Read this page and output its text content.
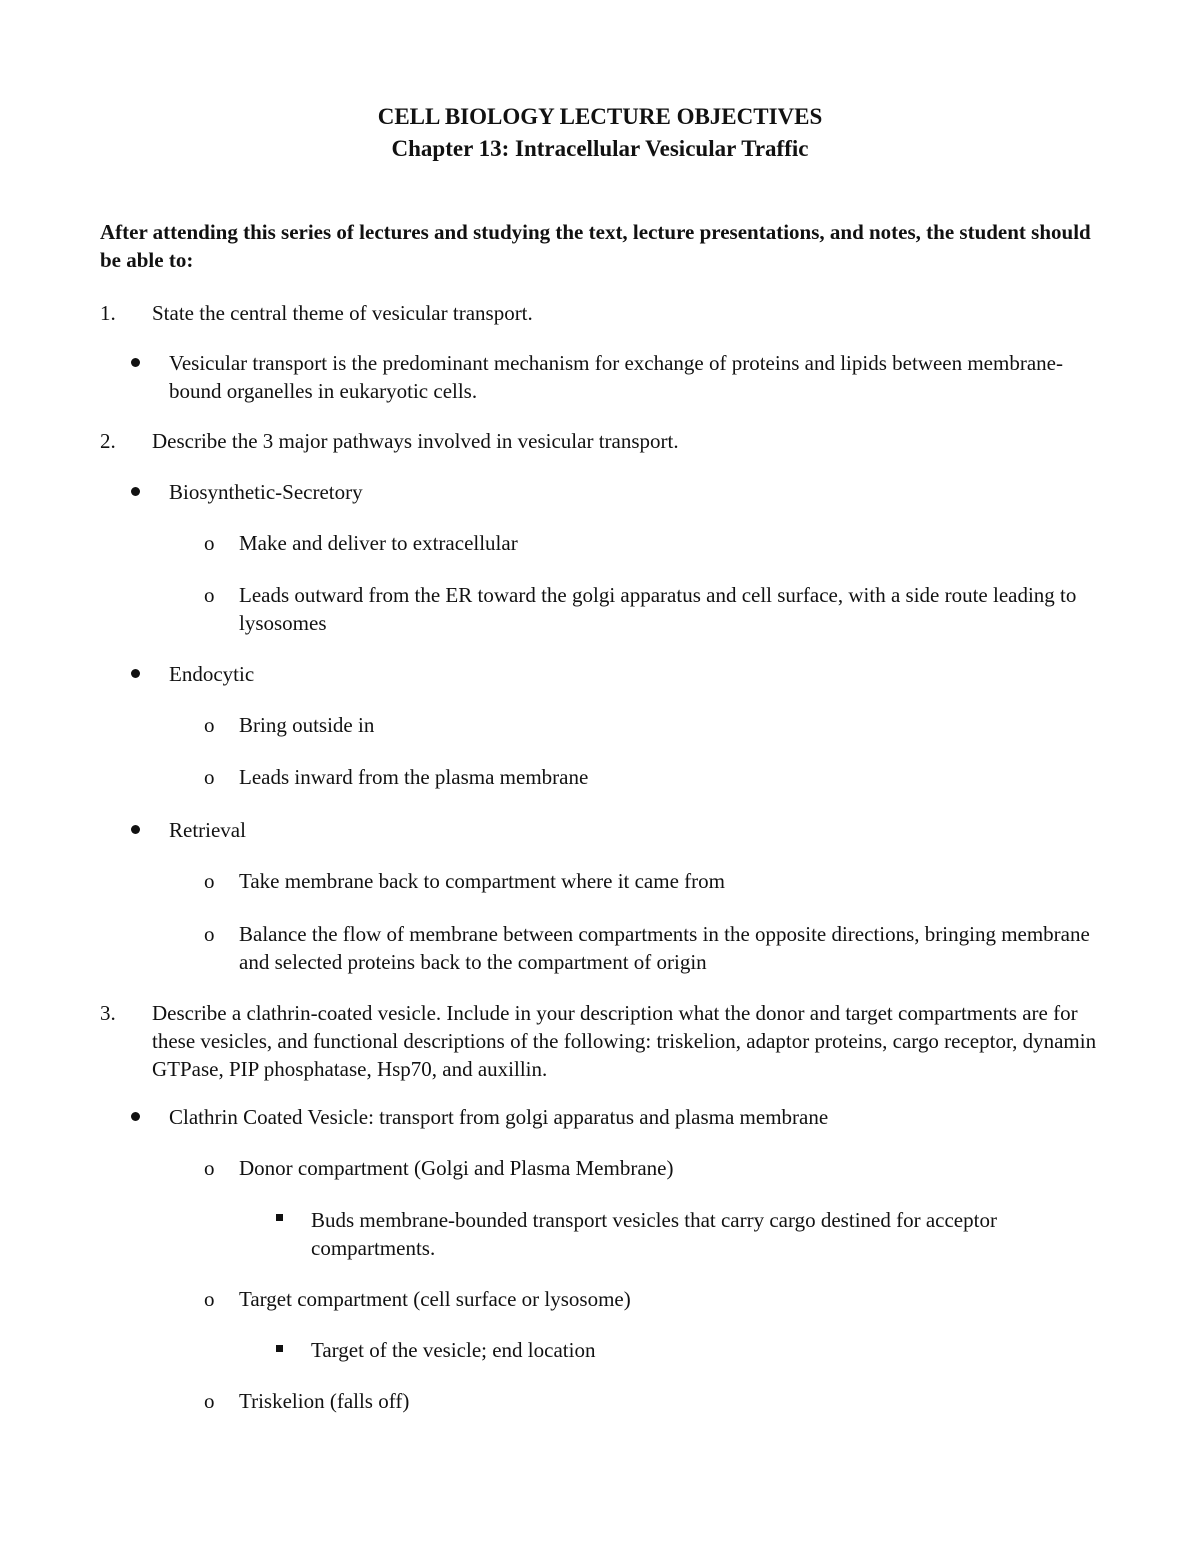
CELL BIOLOGY LECTURE OBJECTIVES
Chapter 13: Intracellular Vesicular Traffic
After attending this series of lectures and studying the text, lecture presentations, and notes, the student should be able to:
1. State the central theme of vesicular transport.
Vesicular transport is the predominant mechanism for exchange of proteins and lipids between membrane-bound organelles in eukaryotic cells.
2. Describe the 3 major pathways involved in vesicular transport.
Biosynthetic-Secretory
o Make and deliver to extracellular
o Leads outward from the ER toward the golgi apparatus and cell surface, with a side route leading to lysosomes
Endocytic
o Bring outside in
o Leads inward from the plasma membrane
Retrieval
o Take membrane back to compartment where it came from
o Balance the flow of membrane between compartments in the opposite directions, bringing membrane and selected proteins back to the compartment of origin
3. Describe a clathrin-coated vesicle. Include in your description what the donor and target compartments are for these vesicles, and functional descriptions of the following: triskelion, adaptor proteins, cargo receptor, dynamin GTPase, PIP phosphatase, Hsp70, and auxillin.
Clathrin Coated Vesicle: transport from golgi apparatus and plasma membrane
o Donor compartment (Golgi and Plasma Membrane)
Buds membrane-bounded transport vesicles that carry cargo destined for acceptor compartments.
o Target compartment (cell surface or lysosome)
Target of the vesicle; end location
o Triskelion (falls off)
